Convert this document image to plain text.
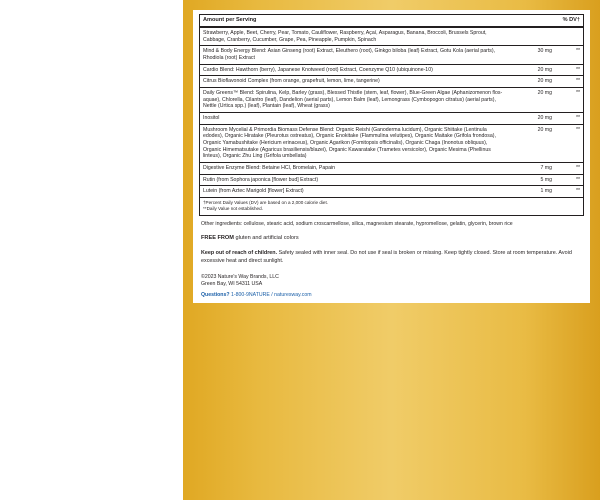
Amount per Serving		% DV†
Strawberry, Apple, Beet, Cherry, Pear, Tomato, Cauliflower, Raspberry, Açaí, Asparagus, Banana, Broccoli, Brussels Sprout, Cabbage, Cranberry, Cucumber, Grape, Pea, Pineapple, Pumpkin, Spinach		
Mind & Body Energy Blend: Asian Ginseng (root) Extract, Eleuthero (root), Ginkgo biloba (leaf) Extract, Gotu Kola (aerial parts), Rhodiola (root) Extract	30 mg	**
Cardio Blend: Hawthorn (berry), Japanese Knotweed (root) Extract, Coenzyme Q10 (ubiquinone-10)	20 mg	**
Citrus Bioflavonoid Complex (from orange, grapefruit, lemon, lime, tangerine)	20 mg	**
Daily Greens™ Blend: Spirulina, Kelp, Barley (grass), Blessed Thistle (stem, leaf, flower), Blue-Green Algae (Aphanizomenon flos-aquae), Chlorella, Cilantro (leaf), Dandelion (aerial parts), Lemon Balm (leaf), Lemongrass (Cymbopogon citratus) (aerial parts), Nettle (Urtica spp.) (leaf), Plantain (leaf), Wheat (grass)	20 mg	**
Inositol	20 mg	**
Mushroom Mycelial & Primordia Biomass Defense Blend: Organic Reishi (Ganoderma lucidum), Organic Shiitake (Lentinula edodes), Organic Hiratake (Pleurotus ostreatus), Organic Enokitake (Flammulina velutipes), Organic Maitake (Grifola frondosa), Organic Yamabushitake (Hericium erinaceus), Organic Agarikon (Fomitopsis officinalis), Organic Chaga (Inonotus obliquus), Organic Himematsutake (Agaricus brasiliensis/blazei), Organic Kawaratake (Trametes versicolor), Organic Mesima (Phellinus linteus), Organic Zhu Ling (Grifola umbellata)	20 mg	**
Digestive Enzyme Blend: Betaine HCl, Bromelain, Papain	7 mg	**
Rutin (from Sophora japonica [flower bud] Extract)	5 mg	**
Lutein (from Aztec Marigold [flower] Extract)	1 mg	**
†Percent Daily Values (DV) are based on a 2,000 calorie diet.
**Daily Value not established.
Other ingredients: cellulose, stearic acid, sodium croscarmellose, silica, magnesium stearate, hypromellose, gelatin, glycerin, brown rice
FREE FROM gluten and artificial colors
Keep out of reach of children. Safety sealed with inner seal. Do not use if seal is broken or missing. Keep tightly closed. Store at room temperature. Avoid excessive heat and direct sunlight.
©2023 Nature's Way Brands, LLC
Green Bay, WI 54311 USA
Questions? 1-800-9NATURE / naturesway.com
